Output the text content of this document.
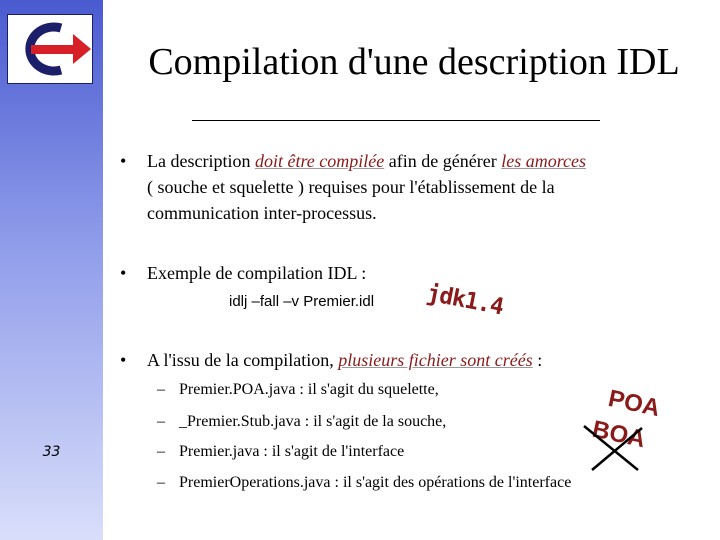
33
Compilation d'une description IDL
• La description doit être compilée afin de générer les amorces
( souche et squelette ) requises pour l'établissement de la
communication inter-processus.
• Exemple de compilation IDL :
idlj –fall –v Premier.idl jdk1.4
• A l'issu de la compilation, plusieurs fichier sont créés :
– Premier.POA.java : il s'agit du squelette,
– _Premier.Stub.java : il s'agit de la souche,
– Premier.java : il s'agit de l'interface
– PremierOperations.java : il s'agit des opérations de l'interface
POA
BOA
